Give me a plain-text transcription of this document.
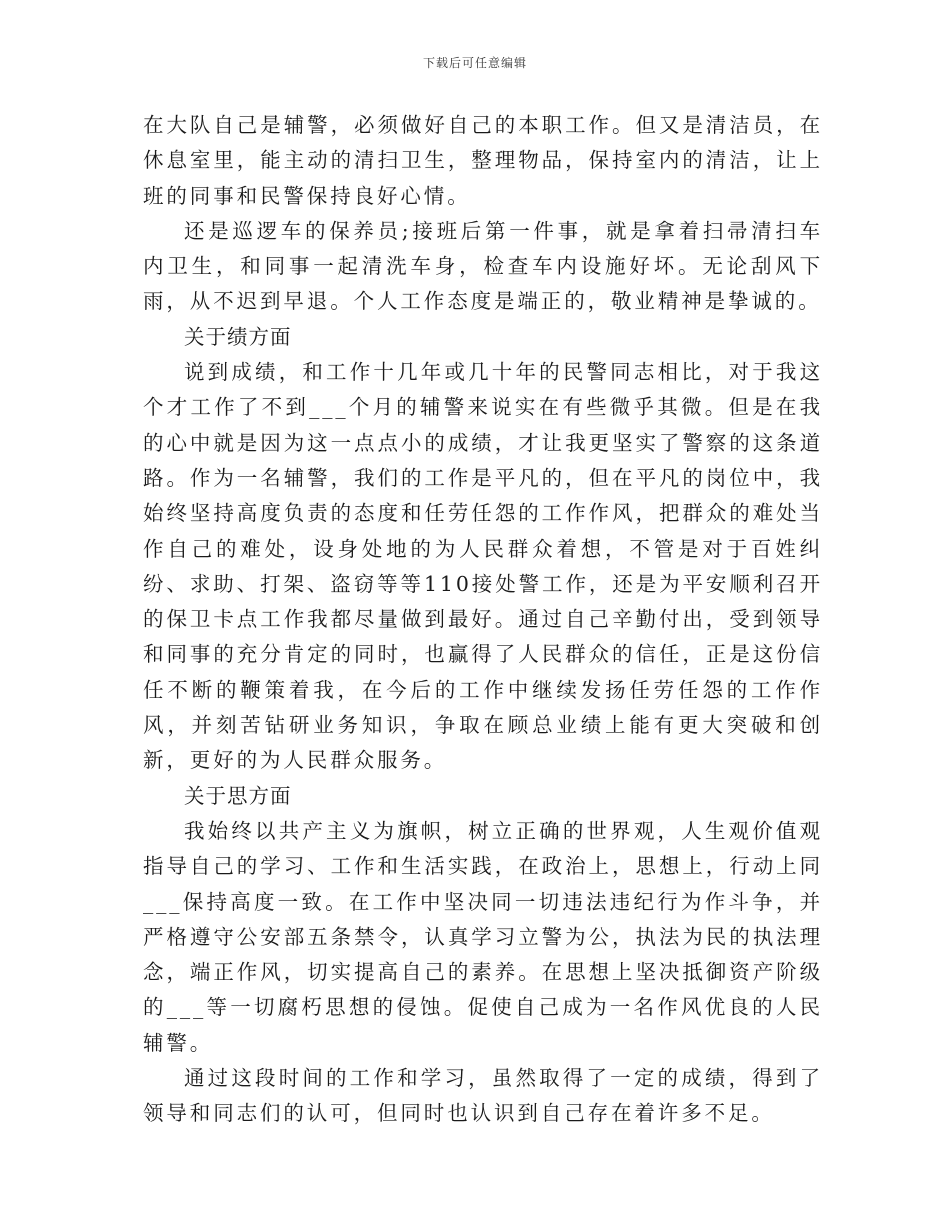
下载后可任意编辑

在大队自己是辅警，必须做好自己的本职工作。但又是清洁员，在休息室里，能主动的清扫卫生，整理物品，保持室内的清洁，让上班的同事和民警保持良好心情。

还是巡逻车的保养员;接班后第一件事，就是拿着扫帚清扫车内卫生，和同事一起清洗车身，检查车内设施好坏。无论刮风下雨，从不迟到早退。个人工作态度是端正的，敬业精神是挚诚的。

关于绩方面

说到成绩，和工作十几年或几十年的民警同志相比，对于我这个才工作了不到___个月的辅警来说实在有些微乎其微。但是在我的心中就是因为这一点点小的成绩，才让我更坚实了警察的这条道路。作为一名辅警，我们的工作是平凡的，但在平凡的岗位中，我始终坚持高度负责的态度和任劳任怨的工作作风，把群众的难处当作自己的难处，设身处地的为人民群众着想，不管是对于百姓纠纷、求助、打架、盗窃等等110接处警工作，还是为平安顺利召开的保卫卡点工作我都尽量做到最好。通过自己辛勤付出，受到领导和同事的充分肯定的同时，也赢得了人民群众的信任，正是这份信任不断的鞭策着我，在今后的工作中继续发扬任劳任怨的工作作风，并刻苦钻研业务知识，争取在顾总业绩上能有更大突破和创新，更好的为人民群众服务。

关于思方面

我始终以共产主义为旗帜，树立正确的世界观，人生观价值观指导自己的学习、工作和生活实践，在政治上，思想上，行动上同___保持高度一致。在工作中坚决同一切违法违纪行为作斗争，并严格遵守公安部五条禁令，认真学习立警为公，执法为民的执法理念，端正作风，切实提高自己的素养。在思想上坚决抵御资产阶级的___等一切腐朽思想的侵蚀。促使自己成为一名作风优良的人民辅警。

通过这段时间的工作和学习，虽然取得了一定的成绩，得到了领导和同志们的认可，但同时也认识到自己存在着许多不足。
